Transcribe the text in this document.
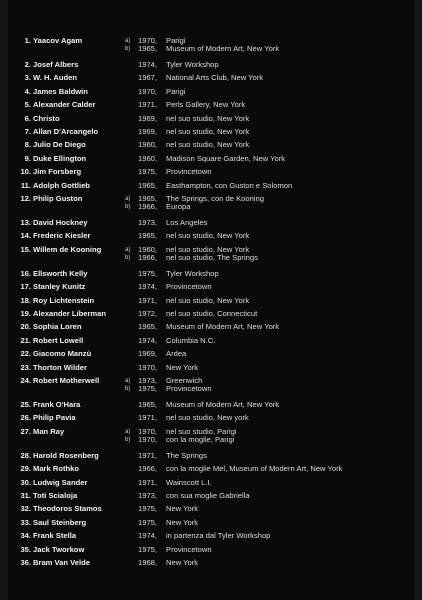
1. Yaacov Agam	a)	1970,	Parigi
b)	1965,	Museum of Modern Art, New York
2. Josef Albers	1974,	Tyler Workshop
3. W. H. Auden	1967,	National Arts Club, New York
4. James Baldwin	1970,	Parigi
5. Alexander Calder	1971,	Perls Gallery, New York
6. Christo	1969,	nel suo studio, New York
7. Allan D'Arcangelo	1969,	nel suo studio, New York
8. Julio De Diego	1960,	nel suo studio, New York
9. Duke Ellington	1960,	Madison Square Garden, New York
10. Jim Forsberg	1975,	Provincetown
11. Adolph Gottlieb	1965,	Easthampton, con Guston e Solomon
12. Philip Guston	a)	1965,	The Springs, con de Kooning
b)	1966,	Europa
13. David Hockney	1973,	Los Angeles
14. Frederic Kiesler	1965,	nel suo studio, New York
15. Willem de Kooning	a)	1960,	nel suo studio, New York
b)	1966,	nel suo studio, The Springs
16. Ellsworth Kelly	1975,	Tyler Workshop
17. Stanley Kunitz	1974,	Provincetown
18. Roy Lichtenstein	1971,	nel suo studio, New York
19. Alexander Liberman	1972,	nel suo studio, Connecticut
20. Sophia Loren	1965,	Museum of Modern Art, New York
21. Robert Lowell	1974,	Columbia N.C.
22. Giacomo Manzù	1969,	Ardea
23. Thorton Wilder	1970,	New York
24. Robert Motherwell	a)	1973,	Greenwich
b)	1975,	Provincetown
25. Frank O'Hara	1965,	Museum of Modern Art, New York
26. Philip Pavia	1971,	nel suo studio, New york
27. Man Ray	a)	1970,	nel suo studio, Parigi
b)	1970,	con la moglie, Parigi
28. Harold Rosenberg	1971,	The Springs
29. Mark Rothko	1966,	con la moglie Mel, Museum of Modern Art, New York
30. Ludwig Sander	1971,	Wainscott L.I.
31. Toti Scialoja	1973,	con sua moglie Gabriella
32. Theodoros Stamos	1975,	New York
33. Saul Steinberg	1975,	New York
34. Frank Stella	1974,	in partenza dal Tyler Workshop
35. Jack Tworkow	1975,	Provincetown
36. Bram Van Velde	1968,	New York
